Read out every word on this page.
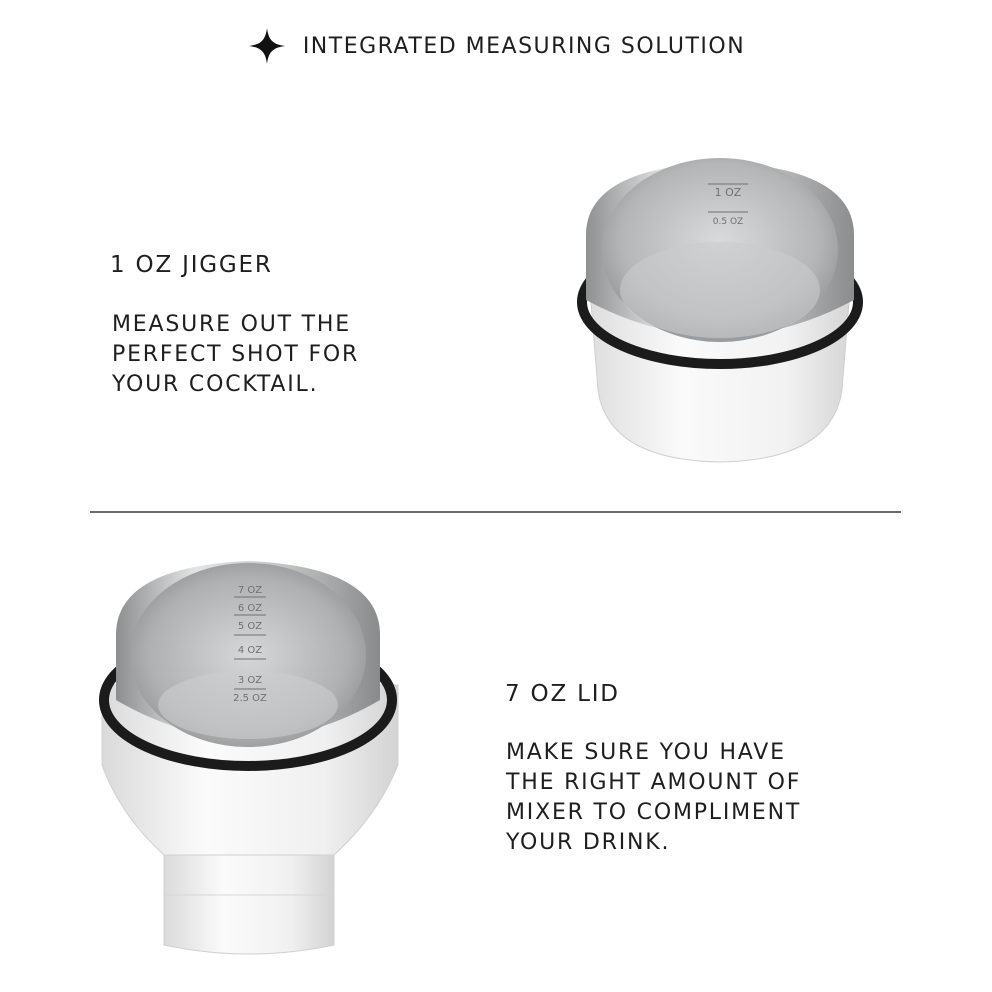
INTEGRATED MEASURING SOLUTION
1 OZ JIGGER
MEASURE OUT THE
PERFECT SHOT FOR
YOUR COCKTAIL.
1 OZ
0.5 OZ
7 OZ
6 OZ
5 OZ
4 OZ
3 OZ
2.5 OZ	7 OZ LID
MAKE SURE YOU HAVE
THE RIGHT AMOUNT OF
MIXER TO COMPLIMENT
YOUR DRINK.
